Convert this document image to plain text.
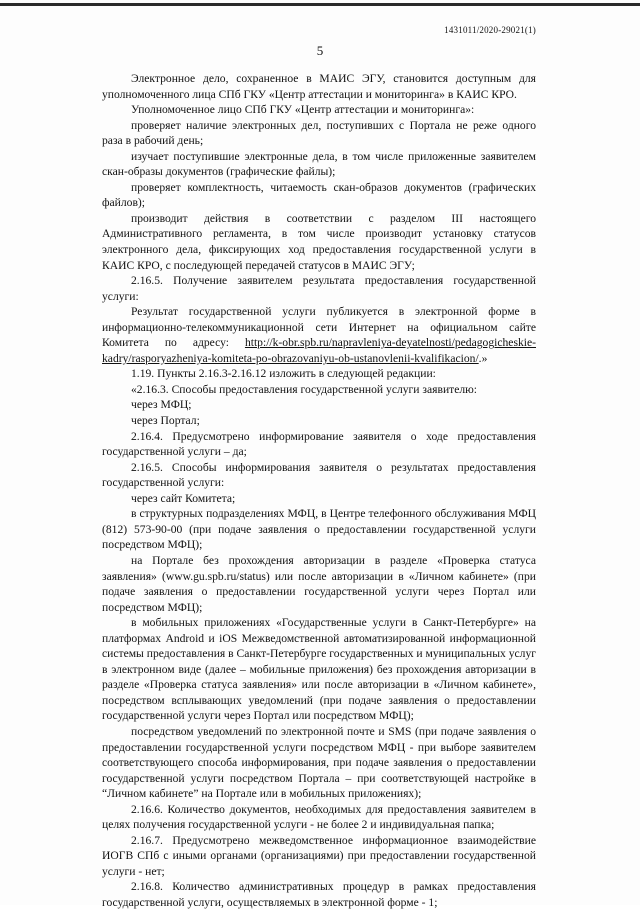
1431011/2020-29021(1)
5

Электронное дело, сохраненное в МАИС ЭГУ, становится доступным для уполномоченного лица СПб ГКУ «Центр аттестации и мониторинга» в КАИС КРО.

Уполномоченное лицо СПб ГКУ «Центр аттестации и мониторинга»:

проверяет наличие электронных дел, поступивших с Портала не реже одного раза в рабочий день;

изучает поступившие электронные дела, в том числе приложенные заявителем скан-образы документов (графические файлы);

проверяет комплектность, читаемость скан-образов документов (графических файлов);

производит действия в соответствии с разделом III настоящего Административного регламента, в том числе производит установку статусов электронного дела, фиксирующих ход предоставления государственной услуги в КАИС КРО, с последующей передачей статусов в МАИС ЭГУ;

2.16.5. Получение заявителем результата предоставления государственной услуги:

Результат государственной услуги публикуется в электронной форме в информационно-телекоммуникационной сети Интернет на официальном сайте Комитета по адресу: http://k-obr.spb.ru/napravleniya-deyatelnosti/pedagogicheskie-kadry/rasporyazheniya-komiteta-po-obrazovaniyu-ob-ustanovlenii-kvalifikacion/.»

1.19. Пункты 2.16.3-2.16.12 изложить в следующей редакции:

«2.16.3. Способы предоставления государственной услуги заявителю:

через МФЦ;

через Портал;

2.16.4. Предусмотрено информирование заявителя о ходе предоставления государственной услуги – да;

2.16.5. Способы информирования заявителя о результатах предоставления государственной услуги:

через сайт Комитета;

в структурных подразделениях МФЦ, в Центре телефонного обслуживания МФЦ (812) 573-90-00 (при подаче заявления о предоставлении государственной услуги посредством МФЦ);

на Портале без прохождения авторизации в разделе «Проверка статуса заявления» (www.gu.spb.ru/status) или после авторизации в «Личном кабинете» (при подаче заявления о предоставлении государственной услуги через Портал или посредством МФЦ);

в мобильных приложениях «Государственные услуги в Санкт-Петербурге» на платформах Android и iOS Межведомственной автоматизированной информационной системы предоставления в Санкт-Петербурге государственных и муниципальных услуг в электронном виде (далее – мобильные приложения) без прохождения авторизации в разделе «Проверка статуса заявления» или после авторизации в «Личном кабинете», посредством всплывающих уведомлений (при подаче заявления о предоставлении государственной услуги через Портал или посредством МФЦ);

посредством уведомлений по электронной почте и SMS (при подаче заявления о предоставлении государственной услуги посредством МФЦ - при выборе заявителем соответствующего способа информирования, при подаче заявления о предоставлении государственной услуги посредством Портала – при соответствующей настройке в “Личном кабинете” на Портале или в мобильных приложениях);

2.16.6. Количество документов, необходимых для предоставления заявителем в целях получения государственной услуги - не более 2 и индивидуальная папка;

2.16.7. Предусмотрено межведомственное информационное взаимодействие ИОГВ СПб с иными органами (организациями) при предоставлении государственной услуги - нет;

2.16.8. Количество административных процедур в рамках предоставления государственной услуги, осуществляемых в электронной форме - 1;
